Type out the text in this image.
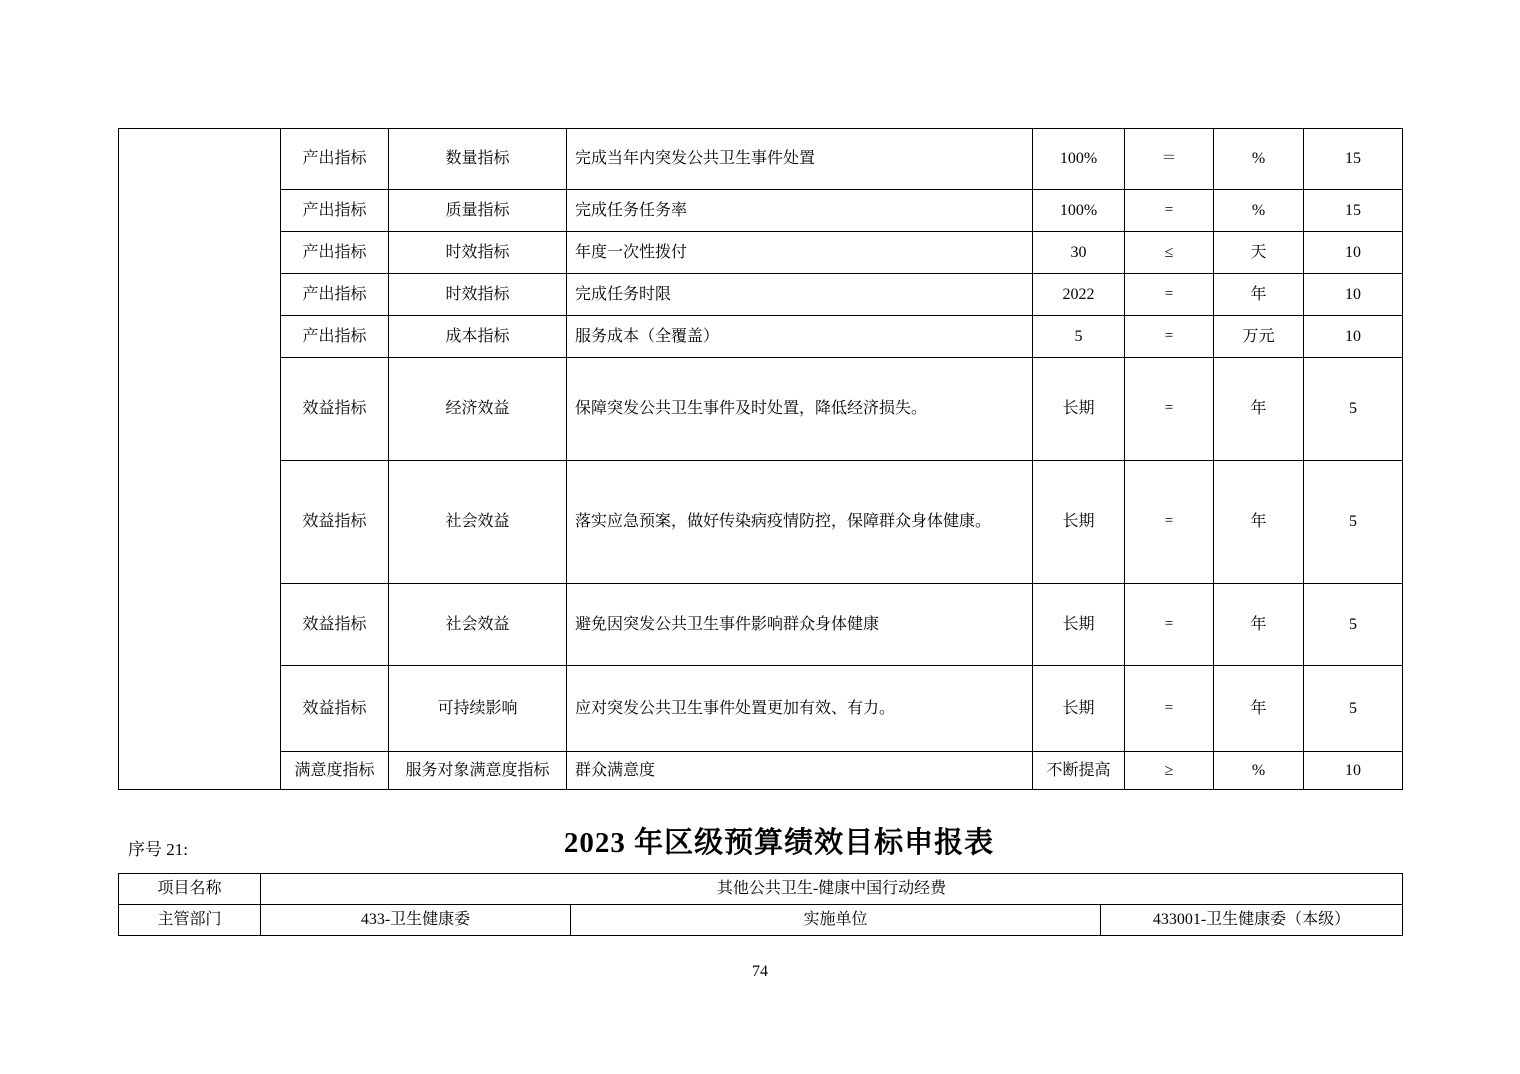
	产出指标	数量指标	完成当年内突发公共卫生事件处置	100%	＝	%	15
	产出指标	质量指标	完成任务任务率	100%	=	%	15
	产出指标	时效指标	年度一次性拨付	30	≤	天	10
	产出指标	时效指标	完成任务时限	2022	=	年	10
	产出指标	成本指标	服务成本（全覆盖）	5	=	万元	10
	效益指标	经济效益	保障突发公共卫生事件及时处置，降低经济损失。	长期	=	年	5
	效益指标	社会效益	落实应急预案，做好传染病疫情防控，保障群众身体健康。	长期	=	年	5
	效益指标	社会效益	避免因突发公共卫生事件影响群众身体健康	长期	=	年	5
	效益指标	可持续影响	应对突发公共卫生事件处置更加有效、有力。	长期	=	年	5
	满意度指标	服务对象满意度指标	群众满意度	不断提高	≥	%	10
序号 21:	2023 年区级预算绩效目标申报表
项目名称	其他公共卫生-健康中国行动经费		
主管部门	433-卫生健康委	实施单位	433001-卫生健康委（本级）
74
